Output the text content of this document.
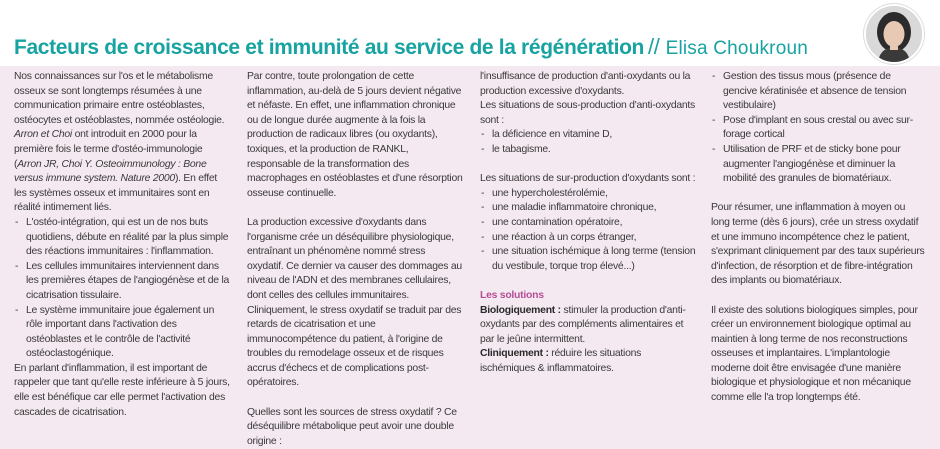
Facteurs de croissance et immunité au service de la régénération // Elisa Choukroun

Nos connaissances sur l'os et le métabolisme osseux se sont longtemps résumées à une communication primaire entre ostéoblastes, ostéocytes et ostéoblastes, nommée ostéologie.

Arron et Choi ont introduit en 2000 pour la première fois le terme d'ostéo-immunologie (Arron JR, Choi Y. Osteoimmunology : Bone versus immune system. Nature 2000). En effet les systèmes osseux et immunitaires sont en réalité intimement liés.

- L'ostéo-intégration, qui est un de nos buts quotidiens, débute en réalité par la plus simple des réactions immunitaires : l'inflammation.
- Les cellules immunitaires interviennent dans les premières étapes de l'angiogénèse et de la cicatrisation tissulaire.
- Le système immunitaire joue également un rôle important dans l'activation des ostéoblastes et le contrôle de l'activité ostéoclastogénique.

En parlant d'inflammation, il est important de rappeler que tant qu'elle reste inférieure à 5 jours, elle est bénéfique car elle permet l'activation des cascades de cicatrisation.

Par contre, toute prolongation de cette inflammation, au-delà de 5 jours devient négative et néfaste. En effet, une inflammation chronique ou de longue durée augmente à la fois la production de radicaux libres (ou oxydants), toxiques, et la production de RANKL, responsable de la transformation des macrophages en ostéoblastes et d'une résorption osseuse continuelle.

La production excessive d'oxydants dans l'organisme crée un déséquilibre physiologique, entraînant un phénomène nommé stress oxydatif. Ce dernier va causer des dommages au niveau de l'ADN et des membranes cellulaires, dont celles des cellules immunitaires. Cliniquement, le stress oxydatif se traduit par des retards de cicatrisation et une immunocompétence du patient, à l'origine de troubles du remodelage osseux et de risques accrus d'échecs et de complications post-opératoires.

Quelles sont les sources de stress oxydatif ? Ce déséquilibre métabolique peut avoir une double origine :

l'insuffisance de production d'anti-oxydants ou la production excessive d'oxydants.

Les situations de sous-production d'anti-oxydants sont :

- la déficience en vitamine D,
- le tabagisme.

Les situations de sur-production d'oxydants sont :

- une hypercholestérolémie,
- une maladie inflammatoire chronique,
- une contamination opératoire,
- une réaction à un corps étranger,
- une situation ischémique à long terme (tension du vestibule, torque trop élevé...)

Les solutions

Biologiquement : stimuler la production d'anti-oxydants par des compléments alimentaires et par le jeûne intermittent.

Cliniquement : réduire les situations ischémiques & inflammatoires.

- Gestion des tissus mous (présence de gencive kératinisée et absence de tension vestibulaire)
- Pose d'implant en sous crestal ou avec sur-forage cortical
- Utilisation de PRF et de sticky bone pour augmenter l'angiogénèse et diminuer la mobilité des granules de biomatériaux.

Pour résumer, une inflammation à moyen ou long terme (dès 6 jours), crée un stress oxydatif et une immuno incompétence chez le patient, s'exprimant cliniquement par des taux supérieurs d'infection, de résorption et de fibre-intégration des implants ou biomatériaux.

Il existe des solutions biologiques simples, pour créer un environnement biologique optimal au maintien à long terme de nos reconstructions osseuses et implantaires. L'implantologie moderne doit être envisagée d'une manière biologique et physiologique et non mécanique comme elle l'a trop longtemps été.
